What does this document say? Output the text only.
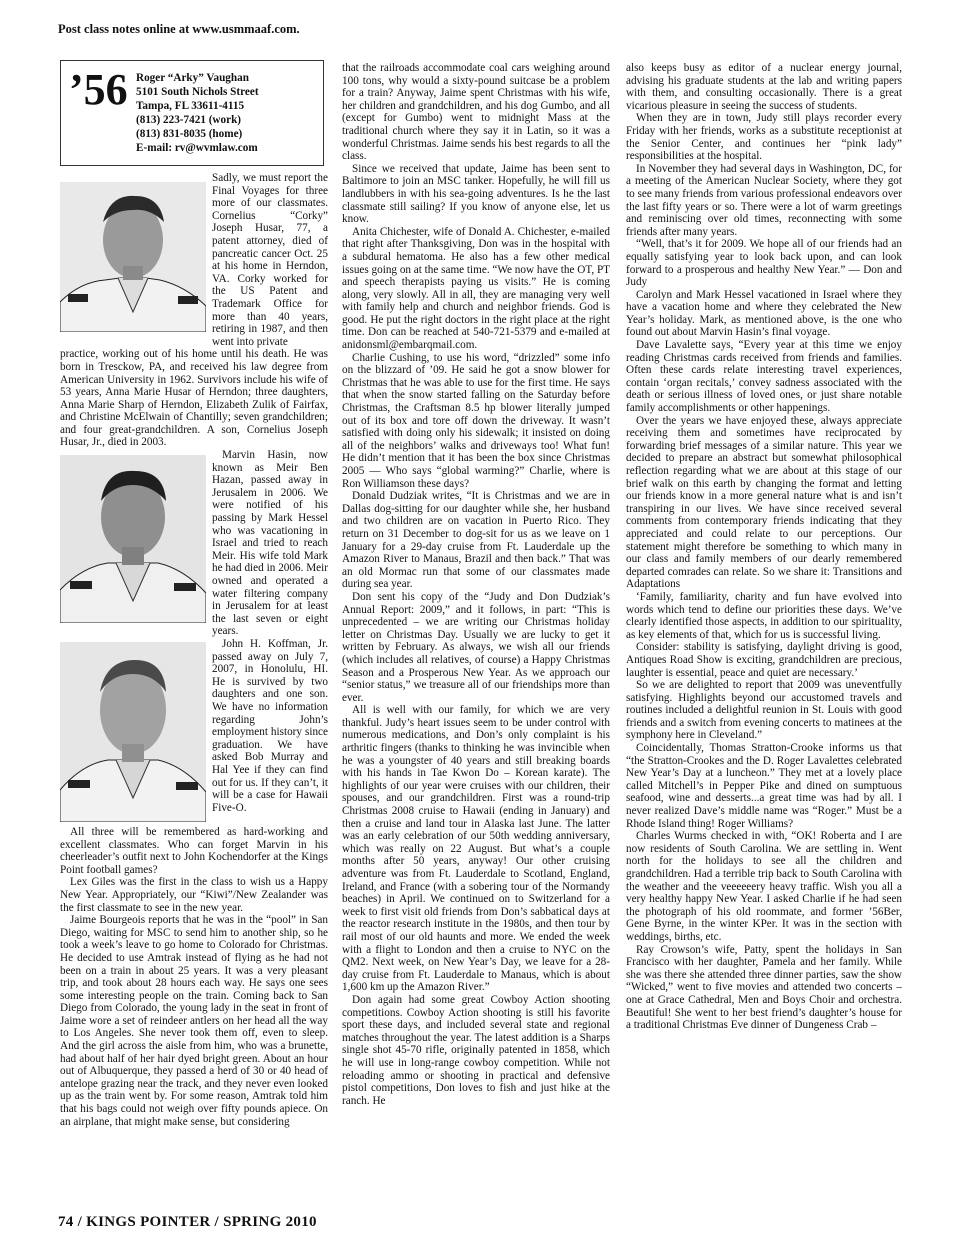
Post class notes online at www.usmmaaf.com.
’56 Roger “Arky” Vaughan
5101 South Nichols Street
Tampa, FL 33611-4115
(813) 223-7421 (work)
(813) 831-8035 (home)
E-mail: rv@wvmlaw.com

Sadly, we must report the Final Voyages for three more of our classmates. Cornelius “Corky” Joseph Husar, 77, a patent attorney, died of pancreatic cancer Oct. 25 at his home in Herndon, VA. Corky worked for the US Patent and Trademark Office for more than 40 years, retiring in 1987, and then went into private

practice, working out of his home until his death. He was born in Tresckow, PA, and received his law degree from American University in 1962. Survivors include his wife of 53 years, Anna Marie Husar of Herndon; three daughters, Anna Marie Sharp of Herndon, Elizabeth Zulik of Fairfax, and Christine McElwain of Chantilly; seven grandchildren; and four great-grandchildren. A son, Cornelius Joseph Husar, Jr., died in 2003.

Marvin Hasin, now known as Meir Ben Hazan, passed away in Jerusalem in 2006. We were notified of his passing by Mark Hessel who was vacationing in Israel and tried to reach Meir. His wife told Mark he had died in 2006. Meir owned and operated a water filtering company in Jerusalem for at least the last seven or eight years.

John H. Koffman, Jr. passed away on July 7, 2007, in Honolulu, HI. He is survived by two daughters and one son. We have no information regarding John’s employment history since graduation. We have asked Bob Murray and Hal Yee if they can find out for us. If they can’t, it will be a case for Hawaii Five-O.

All three will be remembered as hard-working and excellent classmates. Who can forget Marvin in his cheerleader’s outfit next to John Kochendorfer at the Kings Point football games?

Lex Giles was the first in the class to wish us a Happy New Year. Appropriately, our “Kiwi”/New Zealander was the first classmate to see in the new year.

Jaime Bourgeois reports that he was in the “pool” in San Diego, waiting for MSC to send him to another ship, so he took a week’s leave to go home to Colorado for Christmas. He decided to use Amtrak instead of flying as he had not been on a train in about 25 years. It was a very pleasant trip, and took about 28 hours each way. He says one sees some interesting people on the train. Coming back to San Diego from Colorado, the young lady in the seat in front of Jaime wore a set of reindeer antlers on her head all the way to Los Angeles. She never took them off, even to sleep. And the girl across the aisle from him, who was a brunette, had about half of her hair dyed bright green. About an hour out of Albuquerque, they passed a herd of 30 or 40 head of antelope grazing near the track, and they never even looked up as the train went by. For some reason, Amtrak told him that his bags could not weigh over fifty pounds apiece. On an airplane, that might make sense, but considering

that the railroads accommodate coal cars weighing around 100 tons, why would a sixty-pound suitcase be a problem for a train? Anyway, Jaime spent Christmas with his wife, her children and grandchildren, and his dog Gumbo, and all (except for Gumbo) went to midnight Mass at the traditional church where they say it in Latin, so it was a wonderful Christmas. Jaime sends his best regards to all the class.

Since we received that update, Jaime has been sent to Baltimore to join an MSC tanker. Hopefully, he will fill us landlubbers in with his sea-going adventures. Is he the last classmate still sailing? If you know of anyone else, let us know.

Anita Chichester, wife of Donald A. Chichester, e-mailed that right after Thanksgiving, Don was in the hospital with a subdural hematoma. He also has a few other medical issues going on at the same time. “We now have the OT, PT and speech therapists paying us visits.” He is coming along, very slowly. All in all, they are managing very well with family help and church and neighbor friends. God is good. He put the right doctors in the right place at the right time. Don can be reached at 540-721-5379 and e-mailed at anidonsml@embarqmail.com.

Charlie Cushing, to use his word, “drizzled” some info on the blizzard of ’09. He said he got a snow blower for Christmas that he was able to use for the first time. He says that when the snow started falling on the Saturday before Christmas, the Craftsman 8.5 hp blower literally jumped out of its box and tore off down the driveway. It wasn’t satisfied with doing only his sidewalk; it insisted on doing all of the neighbors’ walks and driveways too! What fun! He didn’t mention that it has been the box since Christmas 2005 — Who says “global warming?” Charlie, where is Ron Williamson these days?

Donald Dudziak writes, “It is Christmas and we are in Dallas dog-sitting for our daughter while she, her husband and two children are on vacation in Puerto Rico. They return on 31 December to dog-sit for us as we leave on 1 January for a 29-day cruise from Ft. Lauderdale up the Amazon River to Manaus, Brazil and then back.” That was an old Mormac run that some of our classmates made during sea year.

Don sent his copy of the “Judy and Don Dudziak’s Annual Report: 2009,” and it follows, in part: “This is unprecedented – we are writing our Christmas holiday letter on Christmas Day. Usually we are lucky to get it written by February. As always, we wish all our friends (which includes all relatives, of course) a Happy Christmas Season and a Prosperous New Year. As we approach our “senior status,” we treasure all of our friendships more than ever.

All is well with our family, for which we are very thankful. Judy’s heart issues seem to be under control with numerous medications, and Don’s only complaint is his arthritic fingers (thanks to thinking he was invincible when he was a youngster of 40 years and still breaking boards with his hands in Tae Kwon Do – Korean karate). The highlights of our year were cruises with our children, their spouses, and our grandchildren. First was a round-trip Christmas 2008 cruise to Hawaii (ending in January) and then a cruise and land tour in Alaska last June. The latter was an early celebration of our 50th wedding anniversary, which was really on 22 August. But what’s a couple months after 50 years, anyway! Our other cruising adventure was from Ft. Lauderdale to Scotland, England, Ireland, and France (with a sobering tour of the Normandy beaches) in April. We continued on to Switzerland for a week to first visit old friends from Don’s sabbatical days at the reactor research institute in the 1980s, and then tour by rail most of our old haunts and more. We ended the week with a flight to London and then a cruise to NYC on the QM2. Next week, on New Year’s Day, we leave for a 28-day cruise from Ft. Lauderdale to Manaus, which is about 1,600 km up the Amazon River.”

Don again had some great Cowboy Action shooting competitions. Cowboy Action shooting is still his favorite sport these days, and included several state and regional matches throughout the year. The latest addition is a Sharps single shot 45-70 rifle, originally patented in 1858, which he will use in long-range cowboy competition. While not reloading ammo or shooting in practical and defensive pistol competitions, Don loves to fish and just hike at the ranch. He

also keeps busy as editor of a nuclear energy journal, advising his graduate students at the lab and writing papers with them, and consulting occasionally. There is a great vicarious pleasure in seeing the success of students.

When they are in town, Judy still plays recorder every Friday with her friends, works as a substitute receptionist at the Senior Center, and continues her “pink lady” responsibilities at the hospital.

In November they had several days in Washington, DC, for a meeting of the American Nuclear Society, where they got to see many friends from various professional endeavors over the last fifty years or so. There were a lot of warm greetings and reminiscing over old times, reconnecting with some friends after many years.

“Well, that’s it for 2009. We hope all of our friends had an equally satisfying year to look back upon, and can look forward to a prosperous and healthy New Year.” — Don and Judy

Carolyn and Mark Hessel vacationed in Israel where they have a vacation home and where they celebrated the New Year’s holiday. Mark, as mentioned above, is the one who found out about Marvin Hasin’s final voyage.

Dave Lavalette says, “Every year at this time we enjoy reading Christmas cards received from friends and families. Often these cards relate interesting travel experiences, contain ‘organ recitals,’ convey sadness associated with the death or serious illness of loved ones, or just share notable family accomplishments or other happenings.

Over the years we have enjoyed these, always appreciate receiving them and sometimes have reciprocated by forwarding brief messages of a similar nature. This year we decided to prepare an abstract but somewhat philosophical reflection regarding what we are about at this stage of our brief walk on this earth by changing the format and letting our friends know in a more general nature what is and isn’t transpiring in our lives. We have since received several comments from contemporary friends indicating that they appreciated and could relate to our perceptions. Our statement might therefore be something to which many in our class and family members of our dearly remembered departed comrades can relate. So we share it: Transitions and Adaptations

‘Family, familiarity, charity and fun have evolved into words which tend to define our priorities these days. We’ve clearly identified those aspects, in addition to our spirituality, as key elements of that, which for us is successful living.

Consider: stability is satisfying, daylight driving is good, Antiques Road Show is exciting, grandchildren are precious, laughter is essential, peace and quiet are necessary.’

So we are delighted to report that 2009 was uneventfully satisfying. Highlights beyond our accustomed travels and routines included a delightful reunion in St. Louis with good friends and a switch from evening concerts to matinees at the symphony here in Cleveland.”

Coincidentally, Thomas Stratton-Crooke informs us that “the Stratton-Crookes and the D. Roger Lavalettes celebrated New Year’s Day at a luncheon.” They met at a lovely place called Mitchell’s in Pepper Pike and dined on sumptuous seafood, wine and desserts...a great time was had by all. I never realized Dave’s middle name was “Roger.” Must be a Rhode Island thing! Roger Williams?

Charles Wurms checked in with, “OK! Roberta and I are now residents of South Carolina. We are settling in. Went north for the holidays to see all the children and grandchildren. Had a terrible trip back to South Carolina with the weather and the veeeeeery heavy traffic. Wish you all a very healthy happy New Year. I asked Charlie if he had seen the photograph of his old roommate, and former ’56Ber, Gene Byrne, in the winter KPer. It was in the section with weddings, births, etc.

Ray Crowson’s wife, Patty, spent the holidays in San Francisco with her daughter, Pamela and her family. While she was there she attended three dinner parties, saw the show “Wicked,” went to five movies and attended two concerts – one at Grace Cathedral, Men and Boys Choir and orchestra. Beautiful! She went to her best friend’s daughter’s house for a traditional Christmas Eve dinner of Dungeness Crab –

74 / KINGS POINTER / SPRING 2010
